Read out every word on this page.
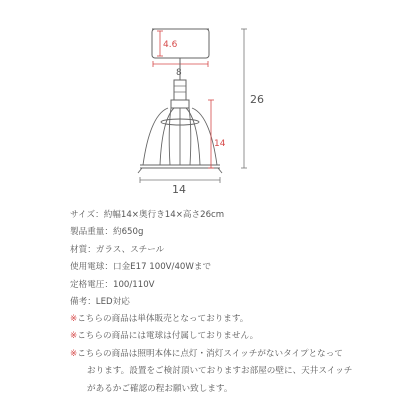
4.6
8
26
14
14
サイズ：約幅14×奥行き14×高さ26cm
製品重量：約650g
材質：ガラス、スチール
使用電球：口金E17 100V/40Wまで
定格電圧：100/110V
備考：LED対応
※こちらの商品は単体販売となっております。
※こちらの商品には電球は付属しておりません。
※こちらの商品は照明本体に点灯・消灯スイッチがないタイプとなって
おります。設置をご検討頂いておりますお部屋の壁に、天井スイッチ
があるかご確認の程お願い致します。
